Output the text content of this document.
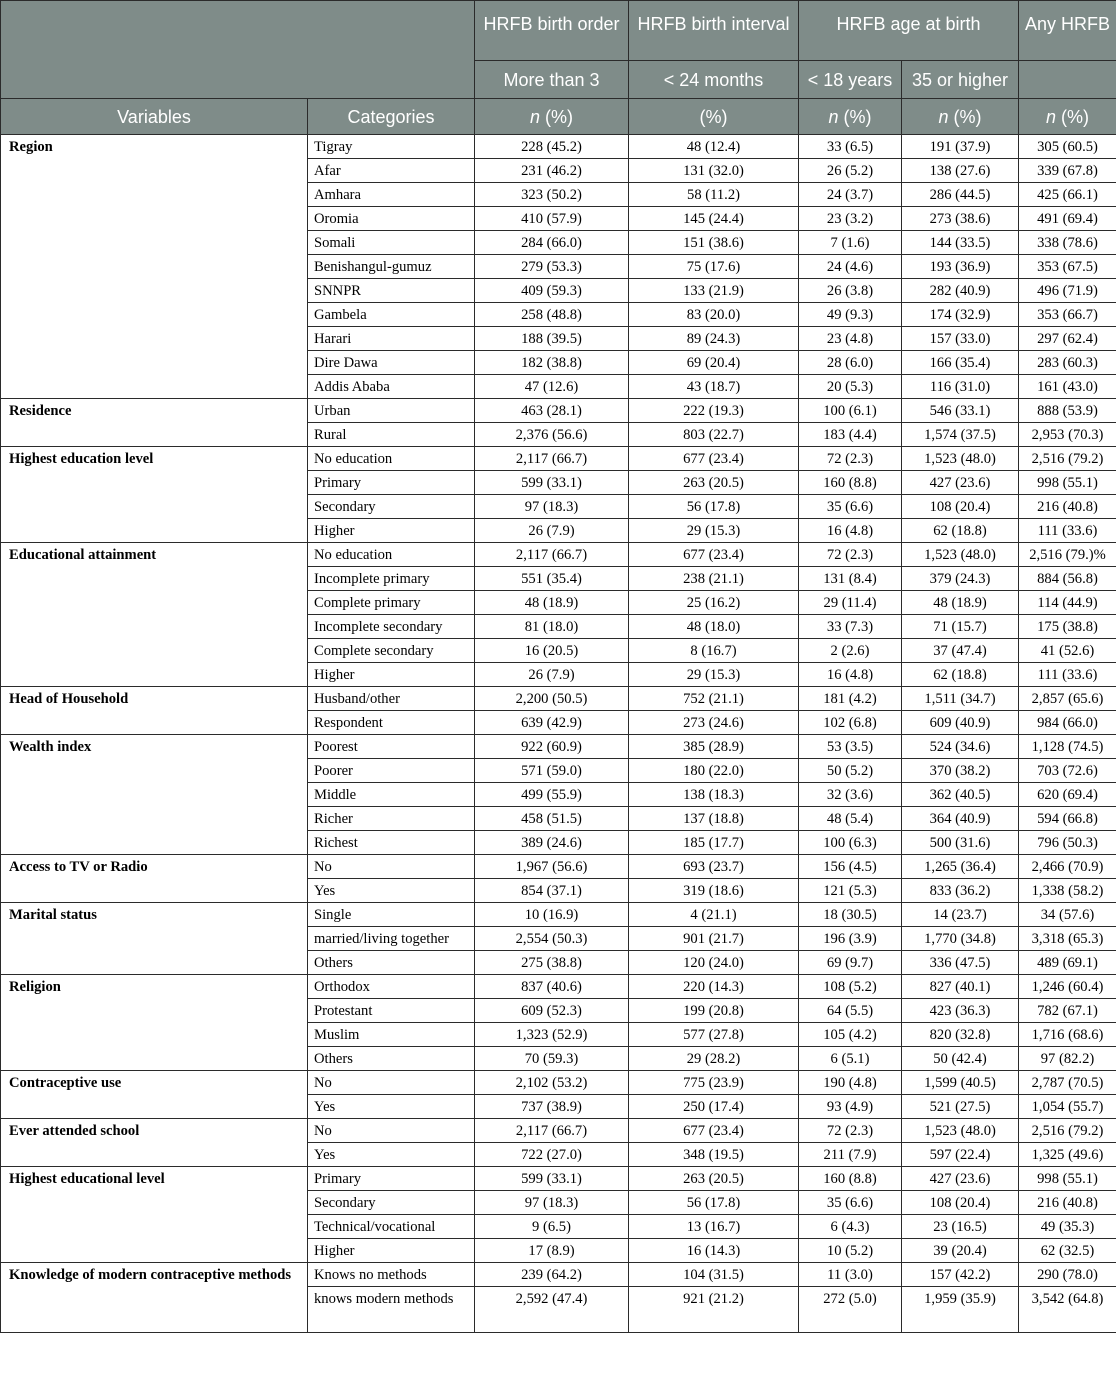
		HRFB birth order	HRFB birth interval	HRFB age at birth		Any HRFB
		More than 3	< 24 months	< 18 years	35 or higher	
Variables	Categories	n (%)	(%)	n (%)	n (%)	n (%)
Region	Tigray	228 (45.2)	48 (12.4)	33 (6.5)	191 (37.9)	305 (60.5)
	Afar	231 (46.2)	131 (32.0)	26 (5.2)	138 (27.6)	339 (67.8)
	Amhara	323 (50.2)	58 (11.2)	24 (3.7)	286 (44.5)	425 (66.1)
	Oromia	410 (57.9)	145 (24.4)	23 (3.2)	273 (38.6)	491 (69.4)
	Somali	284 (66.0)	151 (38.6)	7 (1.6)	144 (33.5)	338 (78.6)
	Benishangul-gumuz	279 (53.3)	75 (17.6)	24 (4.6)	193 (36.9)	353 (67.5)
	SNNPR	409 (59.3)	133 (21.9)	26 (3.8)	282 (40.9)	496 (71.9)
	Gambela	258 (48.8)	83 (20.0)	49 (9.3)	174 (32.9)	353 (66.7)
	Harari	188 (39.5)	89 (24.3)	23 (4.8)	157 (33.0)	297 (62.4)
	Dire Dawa	182 (38.8)	69 (20.4)	28 (6.0)	166 (35.4)	283 (60.3)
	Addis Ababa	47 (12.6)	43 (18.7)	20 (5.3)	116 (31.0)	161 (43.0)
Residence	Urban	463 (28.1)	222 (19.3)	100 (6.1)	546 (33.1)	888 (53.9)
	Rural	2,376 (56.6)	803 (22.7)	183 (4.4)	1,574 (37.5)	2,953 (70.3)
Highest education level	No education	2,117 (66.7)	677 (23.4)	72 (2.3)	1,523 (48.0)	2,516 (79.2)
	Primary	599 (33.1)	263 (20.5)	160 (8.8)	427 (23.6)	998 (55.1)
	Secondary	97 (18.3)	56 (17.8)	35 (6.6)	108 (20.4)	216 (40.8)
	Higher	26 (7.9)	29 (15.3)	16 (4.8)	62 (18.8)	111 (33.6)
Educational attainment	No education	2,117 (66.7)	677 (23.4)	72 (2.3)	1,523 (48.0)	2,516 (79.)%
	Incomplete primary	551 (35.4)	238 (21.1)	131 (8.4)	379 (24.3)	884 (56.8)
	Complete primary	48 (18.9)	25 (16.2)	29 (11.4)	48 (18.9)	114 (44.9)
	Incomplete secondary	81 (18.0)	48 (18.0)	33 (7.3)	71 (15.7)	175 (38.8)
	Complete secondary	16 (20.5)	8 (16.7)	2 (2.6)	37 (47.4)	41 (52.6)
	Higher	26 (7.9)	29 (15.3)	16 (4.8)	62 (18.8)	111 (33.6)
Head of Household	Husband/other	2,200 (50.5)	752 (21.1)	181 (4.2)	1,511 (34.7)	2,857 (65.6)
	Respondent	639 (42.9)	273 (24.6)	102 (6.8)	609 (40.9)	984 (66.0)
Wealth index	Poorest	922 (60.9)	385 (28.9)	53 (3.5)	524 (34.6)	1,128 (74.5)
	Poorer	571 (59.0)	180 (22.0)	50 (5.2)	370 (38.2)	703 (72.6)
	Middle	499 (55.9)	138 (18.3)	32 (3.6)	362 (40.5)	620 (69.4)
	Richer	458 (51.5)	137 (18.8)	48 (5.4)	364 (40.9)	594 (66.8)
	Richest	389 (24.6)	185 (17.7)	100 (6.3)	500 (31.6)	796 (50.3)
Access to TV or Radio	No	1,967 (56.6)	693 (23.7)	156 (4.5)	1,265 (36.4)	2,466 (70.9)
	Yes	854 (37.1)	319 (18.6)	121 (5.3)	833 (36.2)	1,338 (58.2)
Marital status	Single	10 (16.9)	4 (21.1)	18 (30.5)	14 (23.7)	34 (57.6)
	married/living together	2,554 (50.3)	901 (21.7)	196 (3.9)	1,770 (34.8)	3,318 (65.3)
	Others	275 (38.8)	120 (24.0)	69 (9.7)	336 (47.5)	489 (69.1)
Religion	Orthodox	837 (40.6)	220 (14.3)	108 (5.2)	827 (40.1)	1,246 (60.4)
	Protestant	609 (52.3)	199 (20.8)	64 (5.5)	423 (36.3)	782 (67.1)
	Muslim	1,323 (52.9)	577 (27.8)	105 (4.2)	820 (32.8)	1,716 (68.6)
	Others	70 (59.3)	29 (28.2)	6 (5.1)	50 (42.4)	97 (82.2)
Contraceptive use	No	2,102 (53.2)	775 (23.9)	190 (4.8)	1,599 (40.5)	2,787 (70.5)
	Yes	737 (38.9)	250 (17.4)	93 (4.9)	521 (27.5)	1,054 (55.7)
Ever attended school	No	2,117 (66.7)	677 (23.4)	72 (2.3)	1,523 (48.0)	2,516 (79.2)
	Yes	722 (27.0)	348 (19.5)	211 (7.9)	597 (22.4)	1,325 (49.6)
Highest educational level	Primary	599 (33.1)	263 (20.5)	160 (8.8)	427 (23.6)	998 (55.1)
	Secondary	97 (18.3)	56 (17.8)	35 (6.6)	108 (20.4)	216 (40.8)
	Technical/vocational	9 (6.5)	13 (16.7)	6 (4.3)	23 (16.5)	49 (35.3)
	Higher	17 (8.9)	16 (14.3)	10 (5.2)	39 (20.4)	62 (32.5)
Knowledge of modern contraceptive methods	Knows no methods	239 (64.2)	104 (31.5)	11 (3.0)	157 (42.2)	290 (78.0)
	knows modern methods	2,592 (47.4)	921 (21.2)	272 (5.0)	1,959 (35.9)	3,542 (64.8)
